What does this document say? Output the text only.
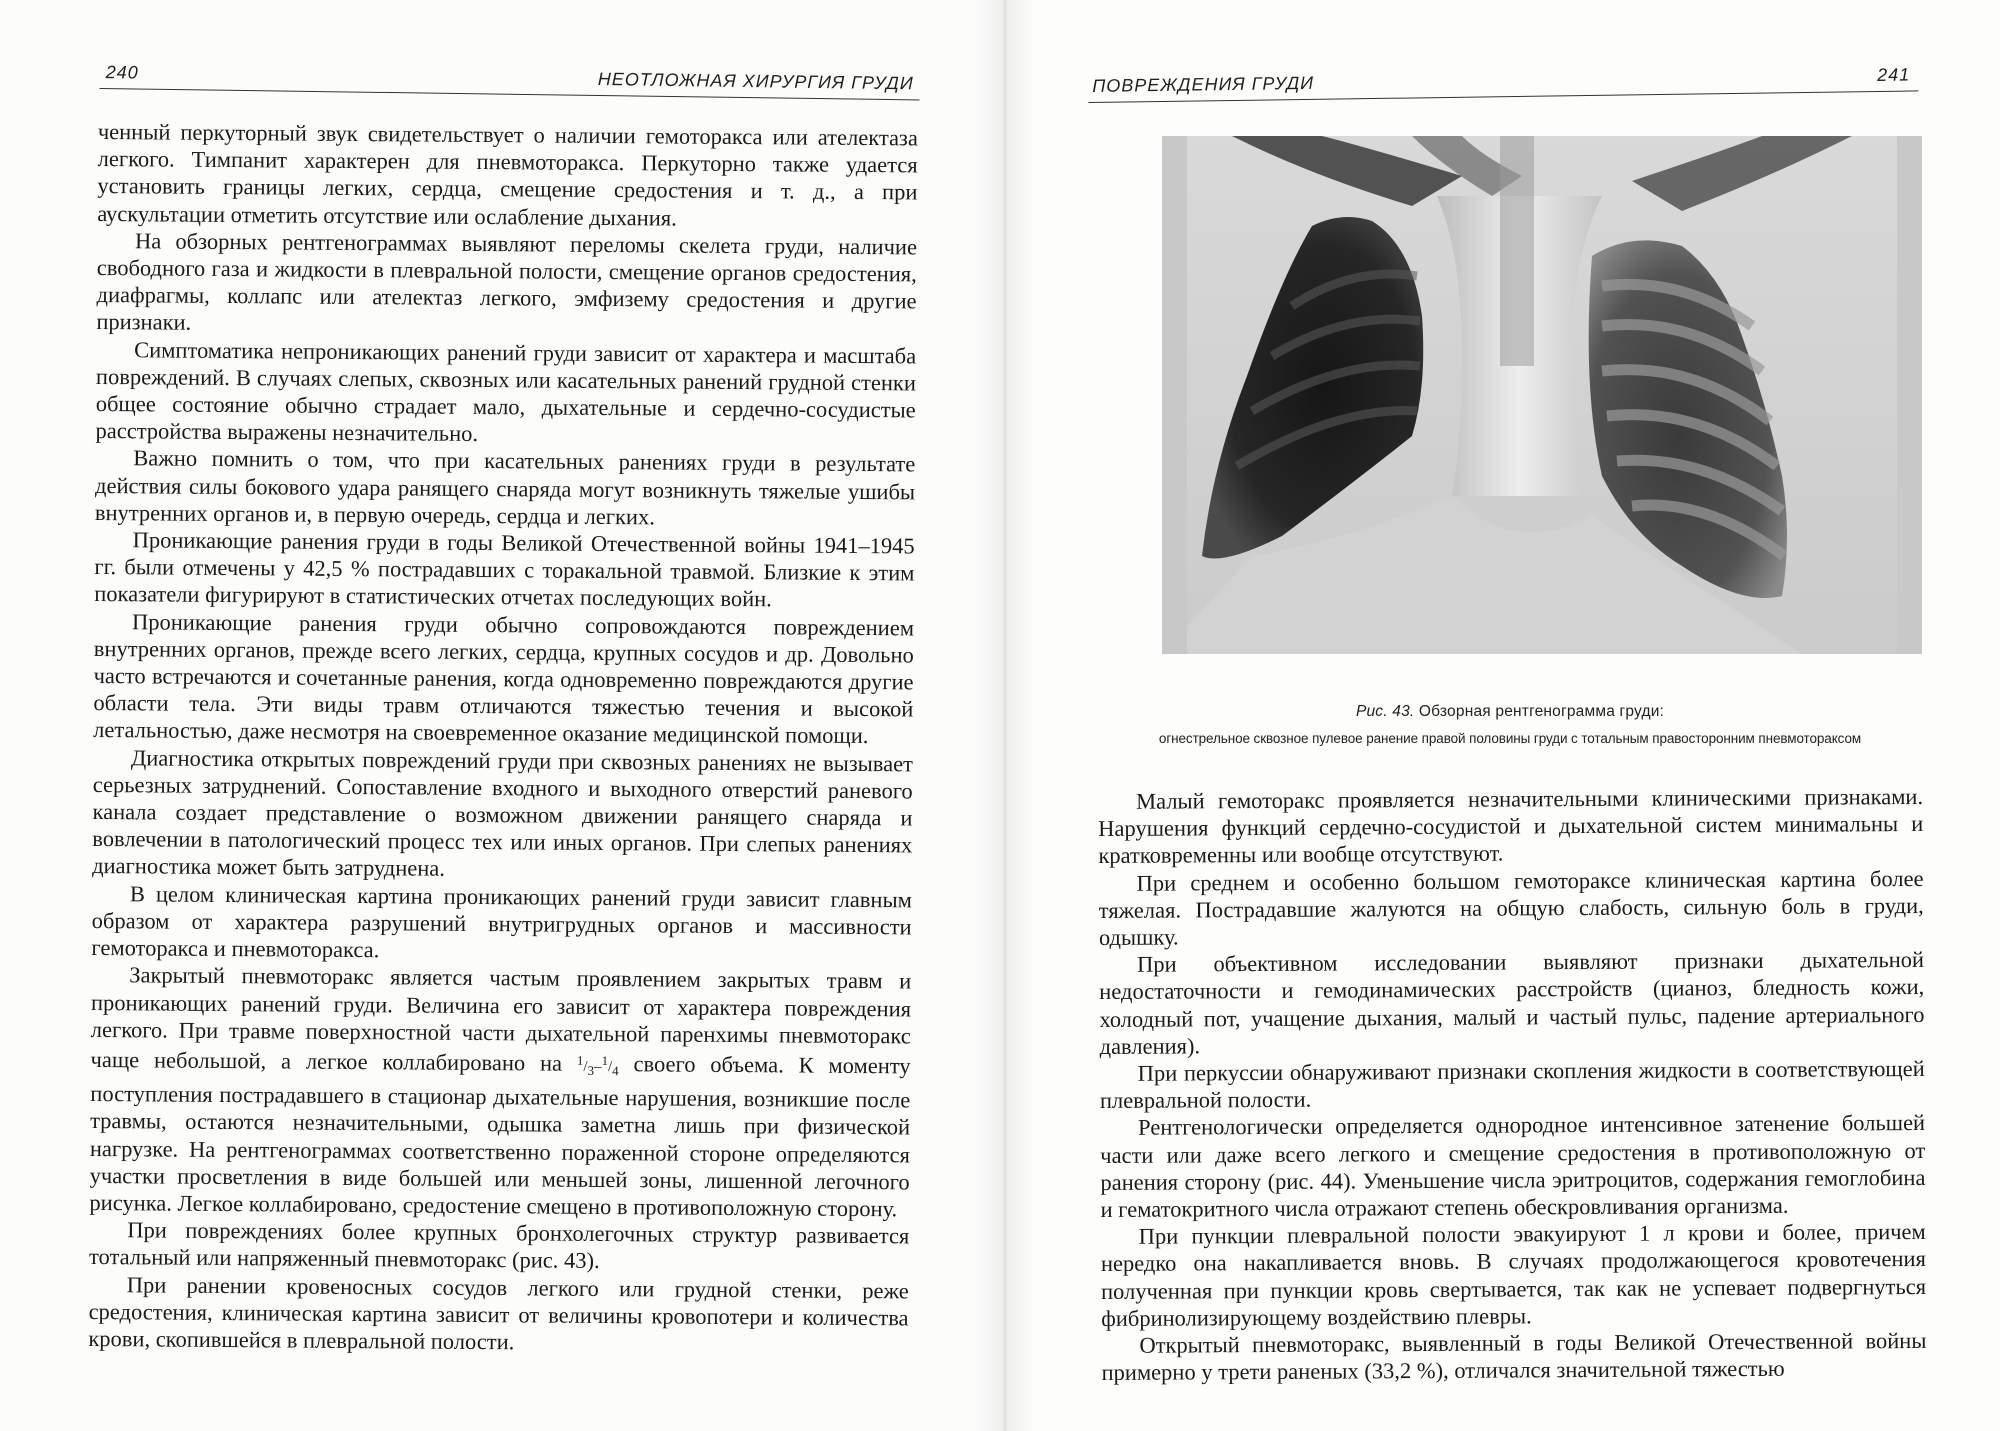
240	НЕОТЛОЖНАЯ ХИРУРГИЯ ГРУДИ

ченный перкуторный звук свидетельствует о наличии гемоторакса или ателектаза легкого. Тимпанит характерен для пневмоторакса. Перкуторно также удается установить границы легких, сердца, смещение средостения и т. д., а при аускультации отметить отсутствие или ослабление дыхания.

На обзорных рентгенограммах выявляют переломы скелета груди, наличие свободного газа и жидкости в плевральной полости, смещение органов средостения, диафрагмы, коллапс или ателектаз легкого, эмфизему средостения и другие признаки.

Симптоматика непроникающих ранений груди зависит от характера и масштаба повреждений. В случаях слепых, сквозных или касательных ранений грудной стенки общее состояние обычно страдает мало, дыхательные и сердечно-сосудистые расстройства выражены незначительно.

Важно помнить о том, что при касательных ранениях груди в результате действия силы бокового удара ранящего снаряда могут возникнуть тяжелые ушибы внутренних органов и, в первую очередь, сердца и легких.

Проникающие ранения груди в годы Великой Отечественной войны 1941–1945 гг. были отмечены у 42,5 % пострадавших с торакальной травмой. Близкие к этим показатели фигурируют в статистических отчетах последующих войн.

Проникающие ранения груди обычно сопровождаются повреждением внутренних органов, прежде всего легких, сердца, крупных сосудов и др. Довольно часто встречаются и сочетанные ранения, когда одновременно повреждаются другие области тела. Эти виды травм отличаются тяжестью течения и высокой летальностью, даже несмотря на своевременное оказание медицинской помощи.

Диагностика открытых повреждений груди при сквозных ранениях не вызывает серьезных затруднений. Сопоставление входного и выходного отверстий раневого канала создает представление о возможном движении ранящего снаряда и вовлечении в патологический процесс тех или иных органов. При слепых ранениях диагностика может быть затруднена.

В целом клиническая картина проникающих ранений груди зависит главным образом от характера разрушений внутригрудных органов и массивности гемоторакса и пневмоторакса.

Закрытый пневмоторакс является частым проявлением закрытых травм и проникающих ранений груди. Величина его зависит от характера повреждения легкого. При травме поверхностной части дыхательной паренхимы пневмоторакс чаще небольшой, а легкое коллабировано на $^1/_3-^1/_4$ своего объема. К моменту поступления пострадавшего в стационар дыхательные нарушения, возникшие после травмы, остаются незначительными, одышка заметна лишь при физической нагрузке. На рентгенограммах соответственно пораженной стороне определяются участки просветления в виде большей или меньшей зоны, лишенной легочного рисунка. Легкое коллабировано, средостение смещено в противоположную сторону.

При повреждениях более крупных бронхолегочных структур развивается тотальный или напряженный пневмоторакс (рис. 43).

При ранении кровеносных сосудов легкого или грудной стенки, реже средостения, клиническая картина зависит от величины кровопотери и количества крови, скопившейся в плевральной полости.

ПОВРЕЖДЕНИЯ ГРУДИ	241
Рис. 43. Обзорная рентгенограмма груди:
огнестрельное сквозное пулевое ранение правой половины груди с тотальным правосторонним пневмотораксом

Малый гемоторакс проявляется незначительными клиническими признаками. Нарушения функций сердечно-сосудистой и дыхательной систем минимальны и кратковременны или вообще отсутствуют.

При среднем и особенно большом гемотораксе клиническая картина более тяжелая. Пострадавшие жалуются на общую слабость, сильную боль в груди, одышку.

При объективном исследовании выявляют признаки дыхательной недостаточности и гемодинамических расстройств (цианоз, бледность кожи, холодный пот, учащение дыхания, малый и частый пульс, падение артериального давления).

При перкуссии обнаруживают признаки скопления жидкости в соответствующей плевральной полости.

Рентгенологически определяется однородное интенсивное затенение большей части или даже всего легкого и смещение средостения в противоположную от ранения сторону (рис. 44). Уменьшение числа эритроцитов, содержания гемоглобина и гематокритного числа отражают степень обескровливания организма.

При пункции плевральной полости эвакуируют 1 л крови и более, причем нередко она накапливается вновь. В случаях продолжающегося кровотечения полученная при пункции кровь свертывается, так как не успевает подвергнуться фибринолизирующему воздействию плевры.

Открытый пневмоторакс, выявленный в годы Великой Отечественной войны примерно у трети раненых (33,2 %), отличался значительной тяжестью
